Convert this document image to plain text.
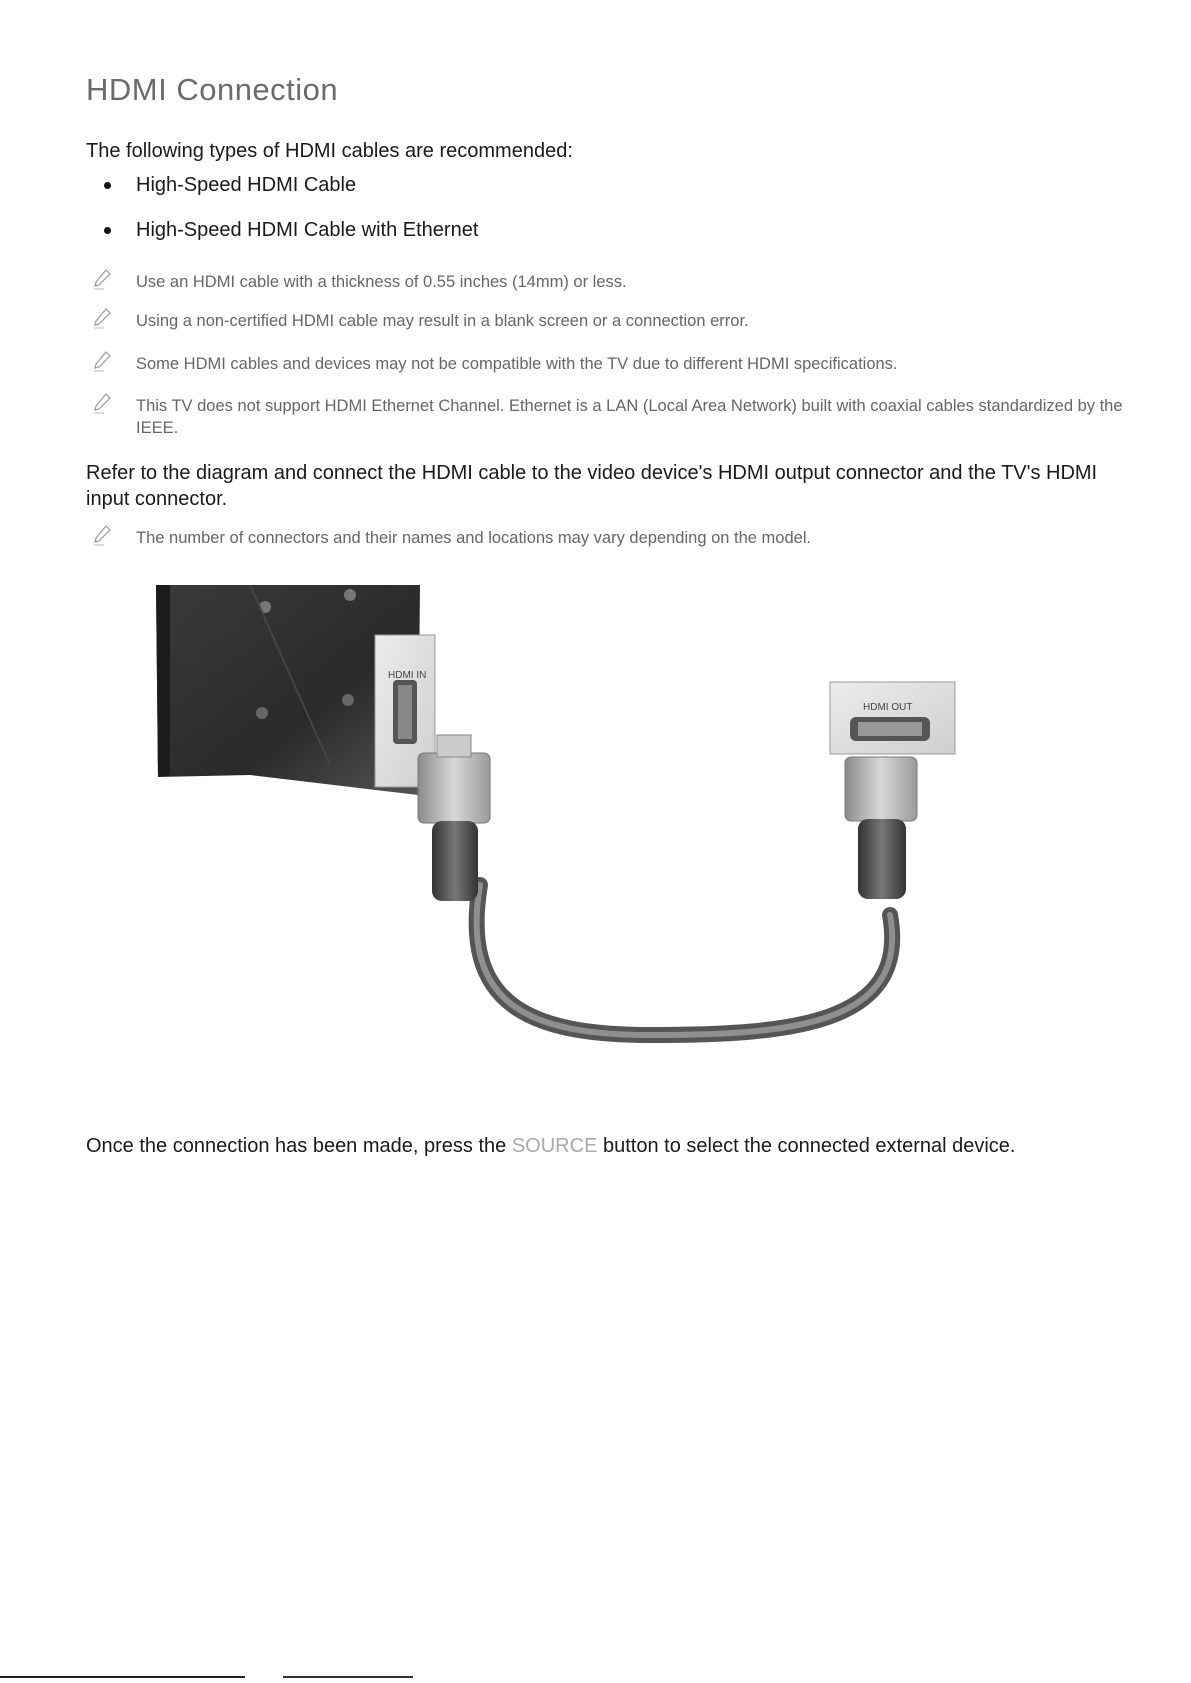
HDMI Connection

The following types of HDMI cables are recommended:

High-Speed HDMI Cable
High-Speed HDMI Cable with Ethernet
Use an HDMI cable with a thickness of 0.55 inches (14mm) or less.
Using a non-certified HDMI cable may result in a blank screen or a connection error.
Some HDMI cables and devices may not be compatible with the TV due to different HDMI specifications.
This TV does not support HDMI Ethernet Channel. Ethernet is a LAN (Local Area Network) built with coaxial cables standardized by the IEEE.

Refer to the diagram and connect the HDMI cable to the video device's HDMI output connector and the TV's HDMI input connector.

The number of connectors and their names and locations may vary depending on the model.
HDMI IN
HDMI OUT

Once the connection has been made, press the SOURCE button to select the connected external device.
